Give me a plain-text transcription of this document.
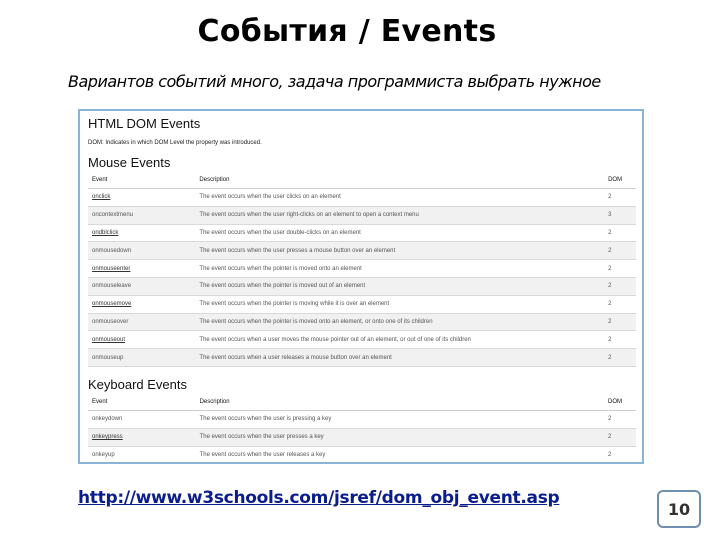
События / Events
Вариантов событий много, задача программиста выбрать нужное
HTML DOM Events
DOM: Indicates in which DOM Level the property was introduced.
Mouse Events
Event	Description	DOM
onclick	The event occurs when the user clicks on an element	2
oncontextmenu	The event occurs when the user right-clicks on an element to open a context menu	3
ondblclick	The event occurs when the user double-clicks on an element	2
onmousedown	The event occurs when the user presses a mouse button over an element	2
onmouseenter	The event occurs when the pointer is moved onto an element	2
onmouseleave	The event occurs when the pointer is moved out of an element	2
onmousemove	The event occurs when the pointer is moving while it is over an element	2
onmouseover	The event occurs when the pointer is moved onto an element, or onto one of its children	2
onmouseout	The event occurs when a user moves the mouse pointer out of an element, or out of one of its children	2
onmouseup	The event occurs when a user releases a mouse button over an element	2
Keyboard Events
Event	Description	DOM
onkeydown	The event occurs when the user is pressing a key	2
onkeypress	The event occurs when the user presses a key	2
onkeyup	The event occurs when the user releases a key	2
http://www.w3schools.com/jsref/dom_obj_event.asp
10
